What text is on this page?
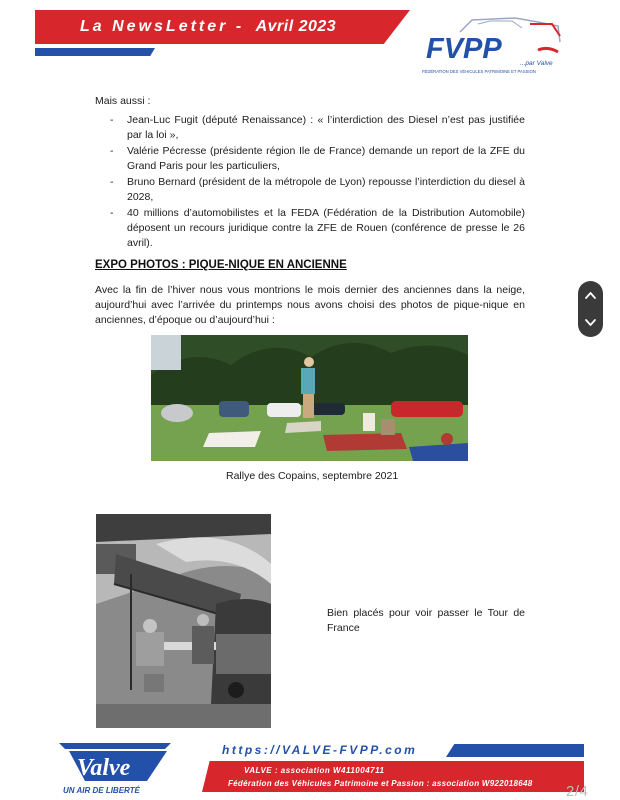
La NewsLetter - Avril 2023
FVPP	...par Valve
FÉDÉRATION DES VÉHICULES PATRIMOINE ET PASSION
Mais aussi :
- Jean-Luc Fugit (député Renaissance) : « l’interdiction des Diesel n’est pas justifiée par la loi »,
- Valérie Pécresse (présidente région Ile de France) demande un report de la ZFE du Grand Paris pour les particuliers,
- Bruno Bernard (président de la métropole de Lyon) repousse l’interdiction du diesel à 2028,
- 40 millions d’automobilistes et la FEDA (Fédération de la Distribution Automobile) déposent un recours juridique contre la ZFE de Rouen (conférence de presse le 26 avril).
EXPO PHOTOS : PIQUE-NIQUE EN ANCIENNE
Avec la fin de l’hiver nous vous montrions le mois dernier des anciennes dans la neige, aujourd’hui avec l’arrivée du printemps nous avons choisi des photos de pique-nique en anciennes, d’époque ou d’aujourd’hui :
Rallye des Copains, septembre 2021
Bien placés pour voir passer le Tour de France
Valve
UN AIR DE LIBERTÉ
https://VALVE-FVPP.com
VALVE : association W411004711
Fédération des Véhicules Patrimoine et Passion : association W922018648 2/4
